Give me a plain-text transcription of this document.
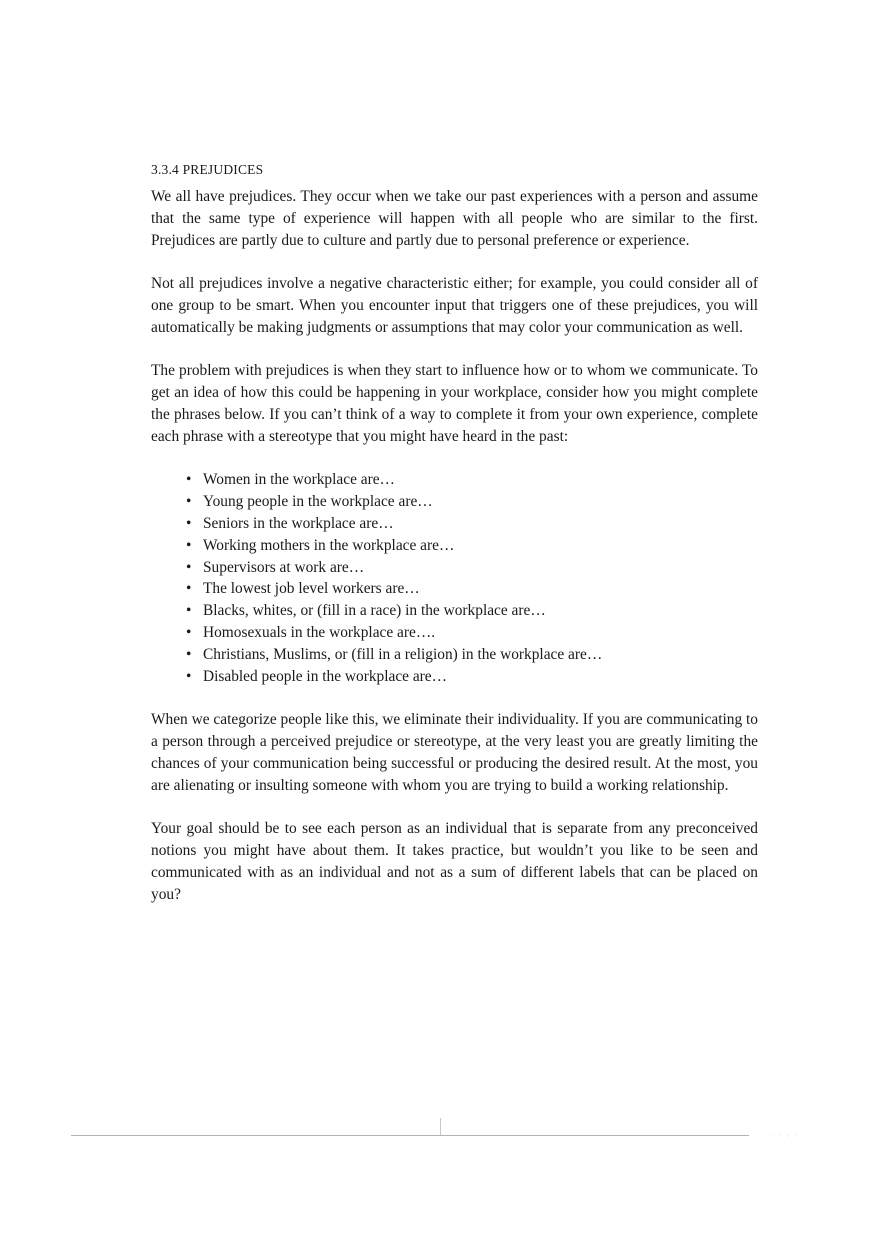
3.3.4 PREJUDICES

We all have prejudices. They occur when we take our past experiences with a person and assume that the same type of experience will happen with all people who are similar to the first. Prejudices are partly due to culture and partly due to personal preference or experience.

Not all prejudices involve a negative characteristic either; for example, you could consider all of one group to be smart. When you encounter input that triggers one of these prejudices, you will automatically be making judgments or assumptions that may color your communication as well.

The problem with prejudices is when they start to influence how or to whom we communicate. To get an idea of how this could be happening in your workplace, consider how you might complete the phrases below. If you can’t think of a way to complete it from your own experience, complete each phrase with a stereotype that you might have heard in the past:

• Women in the workplace are…
• Young people in the workplace are…
• Seniors in the workplace are…
• Working mothers in the workplace are…
• Supervisors at work are…
• The lowest job level workers are…
• Blacks, whites, or (fill in a race) in the workplace are…
• Homosexuals in the workplace are….
• Christians, Muslims, or (fill in a religion) in the workplace are…
• Disabled people in the workplace are…

When we categorize people like this, we eliminate their individuality. If you are communicating to a person through a perceived prejudice or stereotype, at the very least you are greatly limiting the chances of your communication being successful or producing the desired result. At the most, you are alienating or insulting someone with whom you are trying to build a working relationship.

Your goal should be to see each person as an individual that is separate from any preconceived notions you might have about them. It takes practice, but wouldn’t you like to be seen and communicated with as an individual and not as a sum of different labels that can be placed on you?

· · · ·
